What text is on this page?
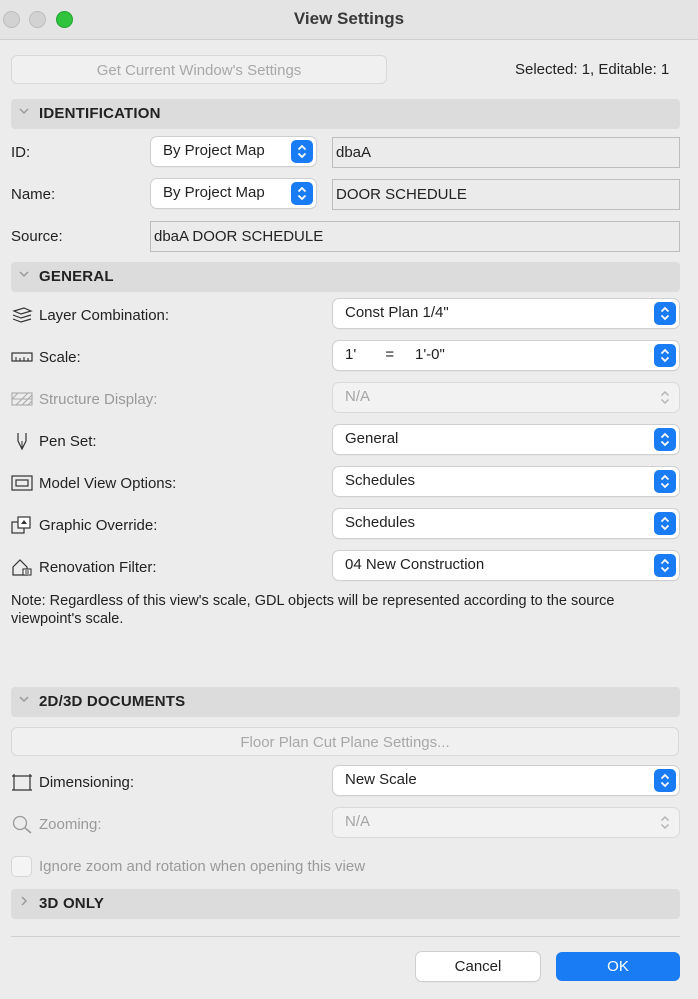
View Settings
Get Current Window's Settings	Selected: 1, Editable: 1
IDENTIFICATION
ID:	By Project Map	dbaA
Name:	By Project Map	DOOR SCHEDULE
Source:	dbaA DOOR SCHEDULE
GENERAL
Layer Combination:	Const Plan 1/4"
Scale:	1'       =     1'-0"
Structure Display:	N/A
Pen Set:	General
Model View Options:	Schedules
Graphic Override:	Schedules
Renovation Filter:	04 New Construction
Note: Regardless of this view's scale, GDL objects will be represented according to the source viewpoint's scale.
2D/3D DOCUMENTS
Floor Plan Cut Plane Settings...
Dimensioning:	New Scale
Zooming:	N/A
Ignore zoom and rotation when opening this view
3D ONLY
Cancel	OK
